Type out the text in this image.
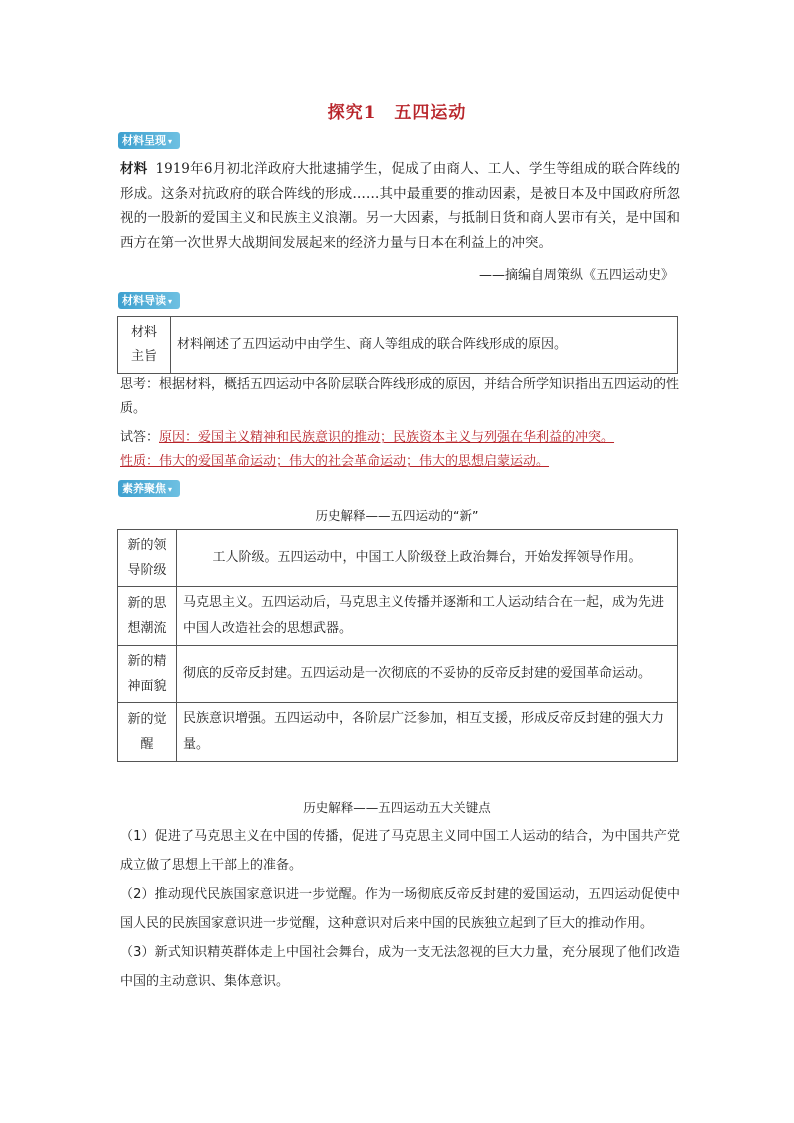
探究1　五四运动
材料呈现 ▾
材料 1919年6月初北洋政府大批逮捕学生，促成了由商人、工人、学生等组成的联合阵线的形成。这条对抗政府的联合阵线的形成……其中最重要的推动因素，是被日本及中国政府所忽视的一股新的爱国主义和民族主义浪潮。另一大因素，与抵制日货和商人罢市有关，是中国和西方在第一次世界大战期间发展起来的经济力量与日本在利益上的冲突。
——摘编自周策纵《五四运动史》
材料导读 ▾
材料
主旨
	材料阐述了五四运动中由学生、商人等组成的联合阵线形成的原因。
思考：根据材料，概括五四运动中各阶层联合阵线形成的原因，并结合所学知识指出五四运动的性质。
试答：原因：爱国主义精神和民族意识的推动；民族资本主义与列强在华利益的冲突。
性质：伟大的爱国革命运动；伟大的社会革命运动；伟大的思想启蒙运动。
素养聚焦 ▾
历史解释——五四运动的“新”
新的领导阶级	工人阶级。五四运动中，中国工人阶级登上政治舞台，开始发挥领导作用。
新的思想潮流	马克思主义。五四运动后，马克思主义传播并逐渐和工人运动结合在一起，成为先进中国人改造社会的思想武器。
新的精神面貌	彻底的反帝反封建。五四运动是一次彻底的不妥协的反帝反封建的爱国革命运动。
新的觉醒	民族意识增强。五四运动中，各阶层广泛参加，相互支援，形成反帝反封建的强大力量。
历史解释——五四运动五大关键点

（1）促进了马克思主义在中国的传播，促进了马克思主义同中国工人运动的结合，为中国共产党成立做了思想上干部上的准备。

（2）推动现代民族国家意识进一步觉醒。作为一场彻底反帝反封建的爱国运动，五四运动促使中国人民的民族国家意识进一步觉醒，这种意识对后来中国的民族独立起到了巨大的推动作用。

（3）新式知识精英群体走上中国社会舞台，成为一支无法忽视的巨大力量，充分展现了他们改造中国的主动意识、集体意识。
